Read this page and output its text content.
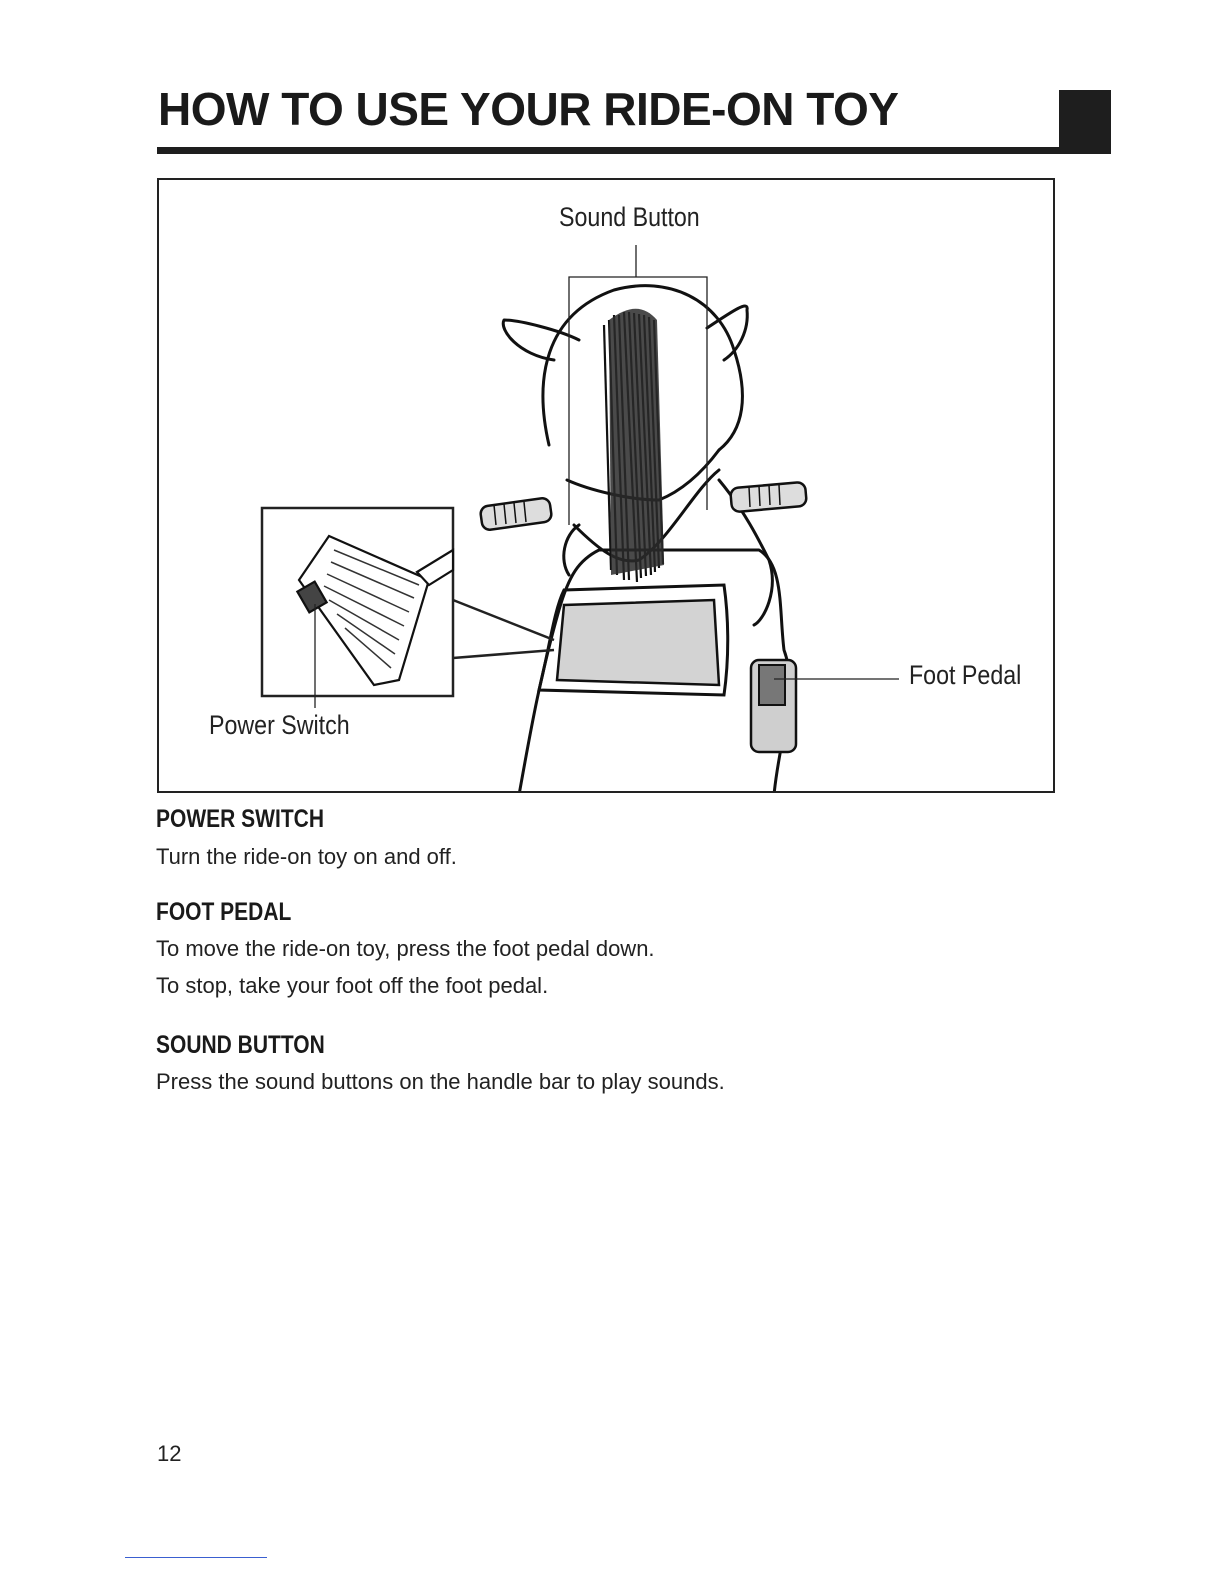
HOW TO USE YOUR RIDE-ON TOY
Sound Button
Foot Pedal
Power Switch
POWER SWITCH

Turn the ride-on toy on and off.

FOOT PEDAL

To move the ride-on toy, press the foot pedal down.

To stop, take your foot off the foot pedal.

SOUND BUTTON

Press the sound buttons on the handle bar to play sounds.

12
